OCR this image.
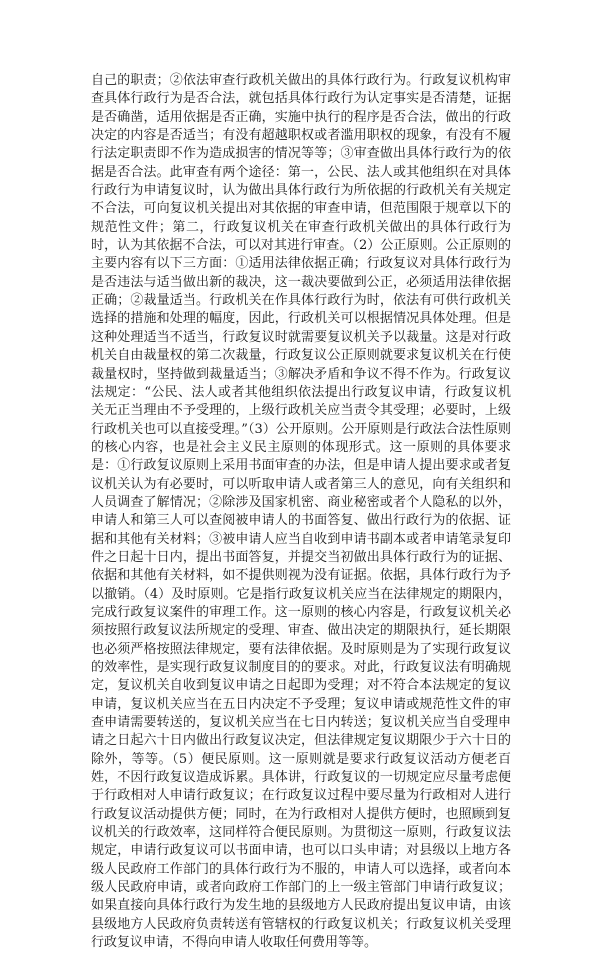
自己的职责；②依法审查行政机关做出的具体行政行为。行政复议机构审查具体行政行为是否合法，就包括具体行政行为认定事实是否清楚，证据是否确凿，适用依据是否正确，实施中执行的程序是否合法，做出的行政决定的内容是否适当；有没有超越职权或者滥用职权的现象，有没有不履行法定职责即不作为造成损害的情况等等；③审查做出具体行政行为的依据是否合法。此审查有两个途径：第一，公民、法人或其他组织在对具体行政行为申请复议时，认为做出具体行政行为所依据的行政机关有关规定不合法，可向复议机关提出对其依据的审查申请，但范围限于规章以下的规范性文件；第二，行政复议机关在审查行政机关做出的具体行政行为时，认为其依据不合法，可以对其进行审查。（2）公正原则。公正原则的主要内容有以下三方面：①适用法律依据正确；行政复议对具体行政行为是否违法与适当做出新的裁决，这一裁决要做到公正，必须适用法律依据正确；②裁量适当。行政机关在作具体行政行为时，依法有可供行政机关选择的措施和处理的幅度，因此，行政机关可以根据情况具体处理。但是这种处理适当不适当，行政复议时就需要复议机关予以裁量。这是对行政机关自由裁量权的第二次裁量，行政复议公正原则就要求复议机关在行使裁量权时，坚持做到裁量适当；③解决矛盾和争议不得不作为。行政复议法规定：“公民、法人或者其他组织依法提出行政复议申请，行政复议机关无正当理由不予受理的，上级行政机关应当责令其受理；必要时，上级行政机关也可以直接受理。”（3）公开原则。公开原则是行政法合法性原则的核心内容，也是社会主义民主原则的体现形式。这一原则的具体要求是：①行政复议原则上采用书面审查的办法，但是申请人提出要求或者复议机关认为有必要时，可以听取申请人或者第三人的意见，向有关组织和人员调查了解情况；②除涉及国家机密、商业秘密或者个人隐私的以外，申请人和第三人可以查阅被申请人的书面答复、做出行政行为的依据、证据和其他有关材料；③被申请人应当自收到申请书副本或者申请笔录复印件之日起十日内，提出书面答复，并提交当初做出具体行政行为的证据、依据和其他有关材料，如不提供则视为没有证据。依据，具体行政行为予以撤销。（4）及时原则。它是指行政复议机关应当在法律规定的期限内，完成行政复议案件的审理工作。这一原则的核心内容是，行政复议机关必须按照行政复议法所规定的受理、审查、做出决定的期限执行，延长期限也必须严格按照法律规定，要有法律依据。及时原则是为了实现行政复议的效率性，是实现行政复议制度目的的要求。对此，行政复议法有明确规定，复议机关自收到复议申请之日起即为受理；对不符合本法规定的复议申请，复议机关应当在五日内决定不予受理；复议申请或规范性文件的审查申请需要转送的，复议机关应当在七日内转送；复议机关应当自受理申请之日起六十日内做出行政复议决定，但法律规定复议期限少于六十日的除外，等等。（5）便民原则。这一原则就是要求行政复议活动方便老百姓，不因行政复议造成诉累。具体讲，行政复议的一切规定应尽量考虑便于行政相对人申请行政复议；在行政复议过程中要尽量为行政相对人进行行政复议活动提供方便；同时，在为行政相对人提供方便时，也照顾到复议机关的行政效率，这同样符合便民原则。为贯彻这一原则，行政复议法规定，申请行政复议可以书面申请，也可以口头申请；对县级以上地方各级人民政府工作部门的具体行政行为不服的，申请人可以选择，或者向本级人民政府申请，或者向政府工作部门的上一级主管部门申请行政复议；如果直接向具体行政行为发生地的县级地方人民政府提出复议申请，由该县级地方人民政府负责转送有管辖权的行政复议机关；行政复议机关受理行政复议申请，不得向申请人收取任何费用等等。
